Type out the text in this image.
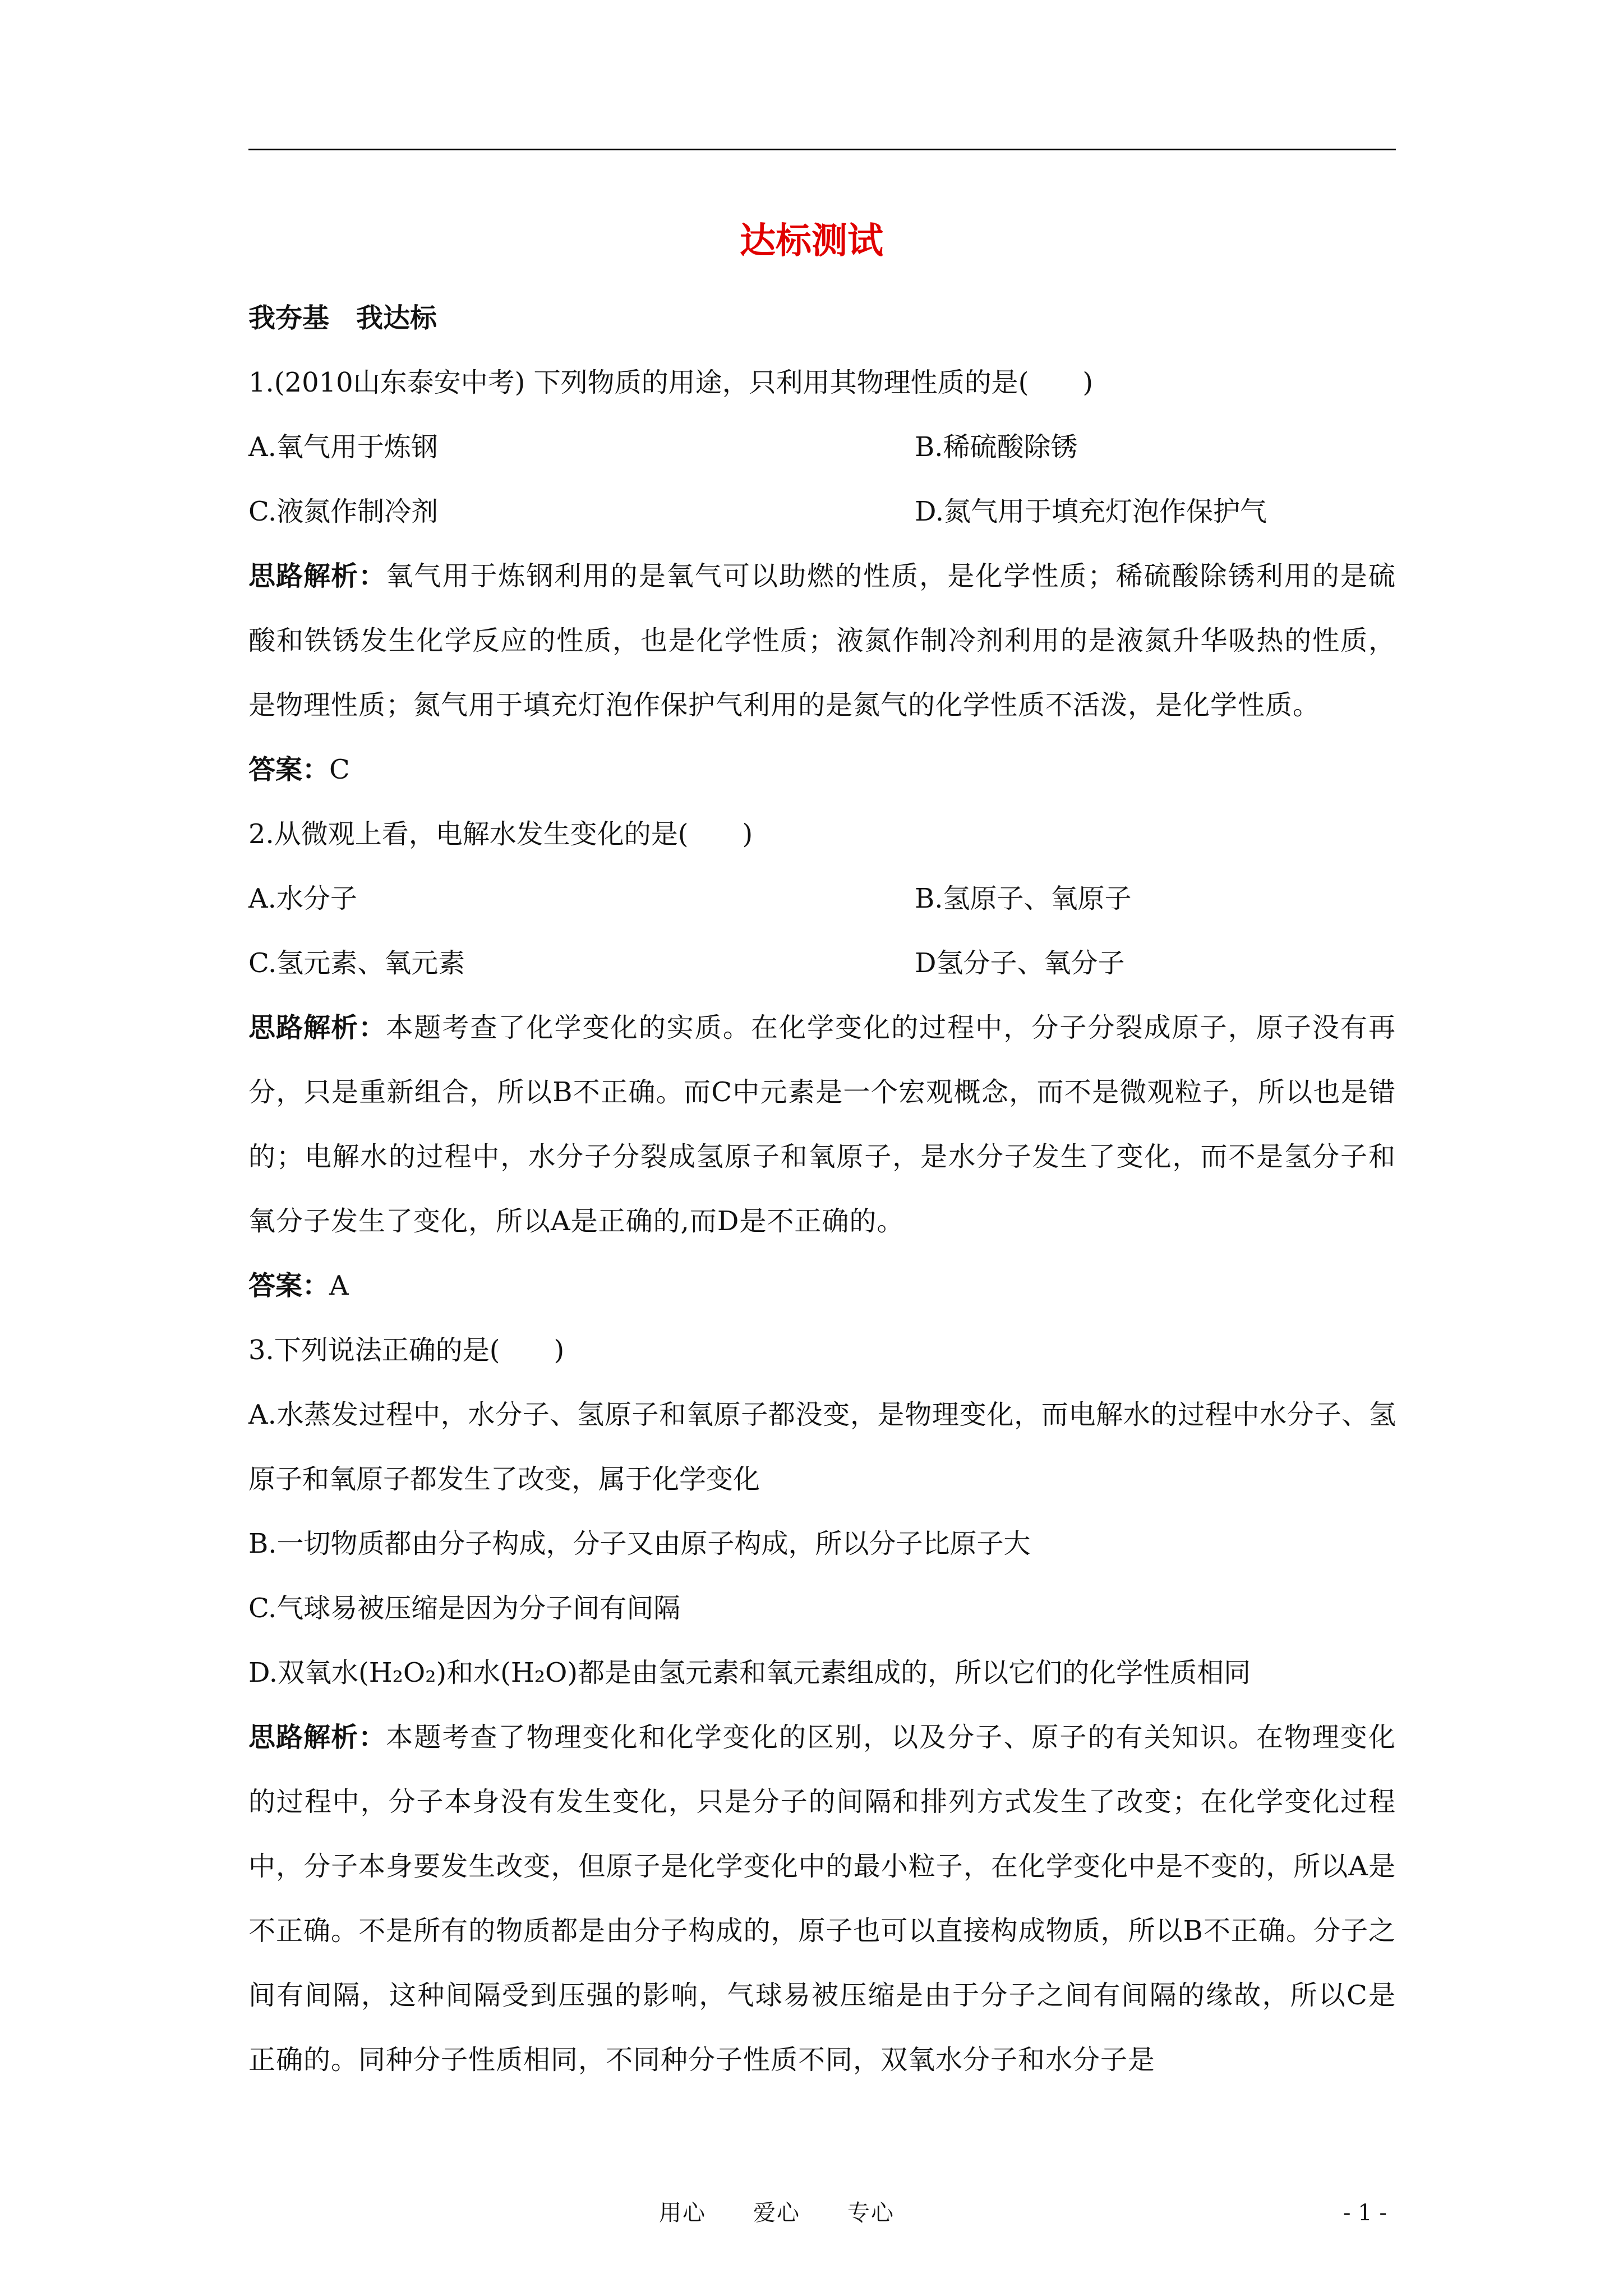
达标测试
我夯基　我达标
1.(2010山东泰安中考) 下列物质的用途，只利用其物理性质的是(　　)
A.氧气用于炼钢	B.稀硫酸除锈
C.液氮作制冷剂	D.氮气用于填充灯泡作保护气
思路解析：氧气用于炼钢利用的是氧气可以助燃的性质，是化学性质；稀硫酸除锈利用的是硫酸和铁锈发生化学反应的性质，也是化学性质；液氮作制冷剂利用的是液氮升华吸热的性质，是物理性质；氮气用于填充灯泡作保护气利用的是氮气的化学性质不活泼，是化学性质。
答案：C
2.从微观上看，电解水发生变化的是(　　)
A.水分子	B.氢原子、氧原子
C.氢元素、氧元素	D氢分子、氧分子
思路解析：本题考查了化学变化的实质。在化学变化的过程中，分子分裂成原子，原子没有再分，只是重新组合，所以B不正确。而C中元素是一个宏观概念，而不是微观粒子，所以也是错的；电解水的过程中，水分子分裂成氢原子和氧原子，是水分子发生了变化，而不是氢分子和氧分子发生了变化，所以A是正确的,而D是不正确的。
答案：A
3.下列说法正确的是(　　)
A.水蒸发过程中，水分子、氢原子和氧原子都没变，是物理变化，而电解水的过程中水分子、氢原子和氧原子都发生了改变，属于化学变化
B.一切物质都由分子构成，分子又由原子构成，所以分子比原子大
C.气球易被压缩是因为分子间有间隔
D.双氧水(H₂O₂)和水(H₂O)都是由氢元素和氧元素组成的，所以它们的化学性质相同
思路解析：本题考查了物理变化和化学变化的区别，以及分子、原子的有关知识。在物理变化的过程中，分子本身没有发生变化，只是分子的间隔和排列方式发生了改变；在化学变化过程中，分子本身要发生改变，但原子是化学变化中的最小粒子，在化学变化中是不变的，所以A是不正确。不是所有的物质都是由分子构成的，原子也可以直接构成物质，所以B不正确。分子之间有间隔，这种间隔受到压强的影响，气球易被压缩是由于分子之间有间隔的缘故，所以C是正确的。同种分子性质相同，不同种分子性质不同，双氧水分子和水分子是
用心　　爱心　　专心	- 1 -
